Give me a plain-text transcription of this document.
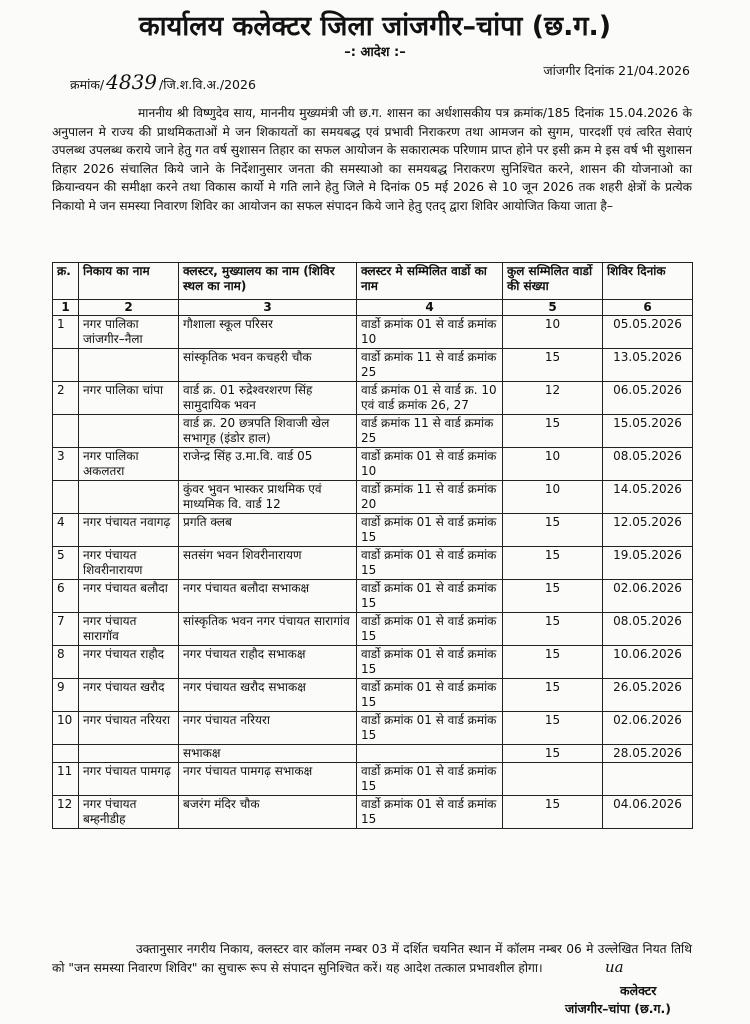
कार्यालय कलेक्टर जिला जांजगीर–चांपा (छ.ग.)
–: आदेश :–
क्रमांक/ 4839 /जि.श.वि.अ./2026
जांजगीर दिनांक 21/04.2026
माननीय श्री विष्णुदेव साय, माननीय मुख्यमंत्री जी छ.ग. शासन का अर्धशासकीय पत्र क्रमांक/185 दिनांक 15.04.2026 के अनुपालन मे राज्य की प्राथमिकताओं मे जन शिकायतों का समयबद्ध एवं प्रभावी निराकरण तथा आमजन को सुगम, पारदर्शी एवं त्वरित सेवाएं उपलब्ध उपलब्ध कराये जाने हेतु गत वर्ष सुशासन तिहार का सफल आयोजन के सकारात्मक परिणाम प्राप्त होने पर इसी क्रम मे इस वर्ष भी सुशासन तिहार 2026 संचालित किये जाने के निर्देशानुसार जनता की समस्याओ का समयबद्ध निराकरण सुनिश्चित करने, शासन की योजनाओ का क्रियान्वयन की समीक्षा करने तथा विकास कार्यो मे गति लाने हेतु जिले मे दिनांक 05 मई 2026 से 10 जून 2026 तक शहरी क्षेत्रों के प्रत्येक निकायो मे जन समस्या निवारण शिविर का आयोजन का सफल संपादन किये जाने हेतु एतद् द्वारा शिविर आयोजित किया जाता है–
क्र.	निकाय का नाम	क्लस्टर, मुख्यालय का नाम (शिविर स्थल का नाम)	क्लस्टर मे सम्मिलित वार्डो का नाम	कुल सम्मिलित वार्डो की संख्या	शिविर दिनांक
1	2	3	4	5	6
1	नगर पालिका जांजगीर–नैला	गौशाला स्कूल परिसर	वार्डो क्रमांक 01 से वार्ड क्रमांक 10	10	05.05.2026
		सांस्कृतिक भवन कचहरी चौक	वार्डो क्रमांक 11 से वार्ड क्रमांक 25	15	13.05.2026
2	नगर पालिका चांपा	वार्ड क्र. 01 रुद्रेश्वरशरण सिंह सामुदायिक भवन	वार्ड क्रमांक 01 से वार्ड क्र. 10 एवं वार्ड क्रमांक 26, 27	12	06.05.2026
		वार्ड क्र. 20 छत्रपति शिवाजी खेल सभागृह (इंडोर हाल)	वार्ड क्रमांक 11 से वार्ड क्रमांक 25	15	15.05.2026
3	नगर पालिका अकलतरा	राजेन्द्र सिंह उ.मा.वि. वार्ड 05	वार्डो क्रमांक 01 से वार्ड क्रमांक 10	10	08.05.2026
		कुंवर भुवन भास्कर प्राथमिक एवं माध्यमिक वि. वार्ड 12	वार्डो क्रमांक 11 से वार्ड क्रमांक 20	10	14.05.2026
4	नगर पंचायत नवागढ़	प्रगति क्लब	वार्डो क्रमांक 01 से वार्ड क्रमांक 15	15	12.05.2026
5	नगर पंचायत शिवरीनारायण	सतसंग भवन शिवरीनारायण	वार्डो क्रमांक 01 से वार्ड क्रमांक 15	15	19.05.2026
6	नगर पंचायत बलौदा	नगर पंचायत बलौदा सभाकक्ष	वार्डो क्रमांक 01 से वार्ड क्रमांक 15	15	02.06.2026
7	नगर पंचायत सारागॉव	सांस्कृतिक भवन नगर पंचायत सारागांव	वार्डो क्रमांक 01 से वार्ड क्रमांक 15	15	08.05.2026
8	नगर पंचायत राहौद	नगर पंचायत राहौद सभाकक्ष	वार्डो क्रमांक 01 से वार्ड क्रमांक 15	15	10.06.2026
9	नगर पंचायत खरौद	नगर पंचायत खरौद सभाकक्ष	वार्डो क्रमांक 01 से वार्ड क्रमांक 15	15	26.05.2026
10	नगर पंचायत नरियरा	नगर पंचायत नरियरा	वार्डो क्रमांक 01 से वार्ड क्रमांक 15	15	02.06.2026
		सभाकक्ष		15	28.05.2026
11	नगर पंचायत पामगढ़	नगर पंचायत पामगढ़ सभाकक्ष	वार्डो क्रमांक 01 से वार्ड क्रमांक 15		
12	नगर पंचायत बम्हनीडीह	बजरंग मंदिर चौक	वार्डो क्रमांक 01 से वार्ड क्रमांक 15	15	04.06.2026
उक्तानुसार नगरीय निकाय, क्लस्टर वार कॉलम नम्बर 03 में दर्शित चयनित स्थान में कॉलम नम्बर 06 मे उल्लेखित नियत तिथि को "जन समस्या निवारण शिविर" का सुचारू रूप से संपादन सुनिश्चित करें। यह आदेश तत्काल प्रभावशील होगा।	ua
कलेक्टर
जांजगीर–चांपा (छ.ग.)
